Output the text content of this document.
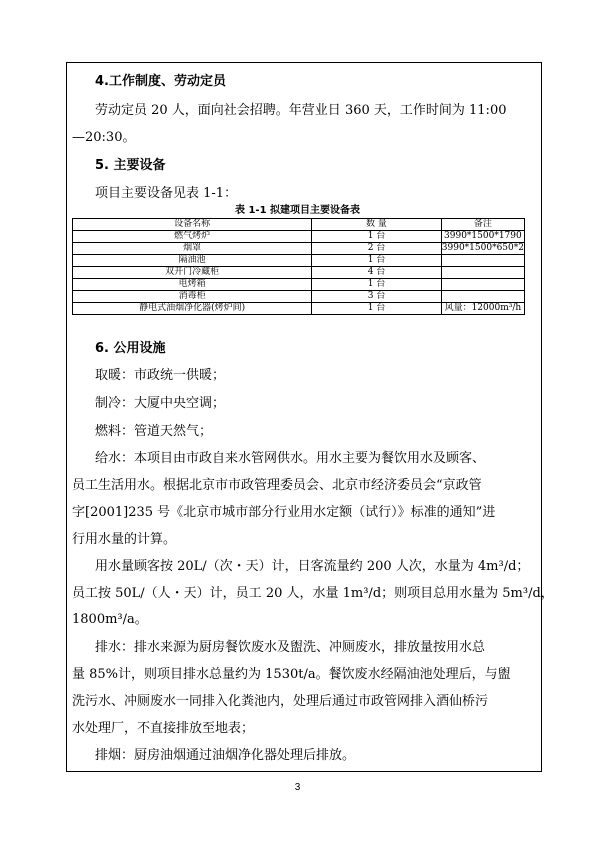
4.工作制度、劳动定员
劳动定员 20 人，面向社会招聘。年营业日 360 天，工作时间为 11:00
—20:30。
5. 主要设备
项目主要设备见表 1-1：
表 1-1 拟建项目主要设备表
设备名称	数 量	备注
燃气烤炉	1 台	3990*1500*1790
烟罩	2 台	3990*1500*650*2
隔油池	1 台	
双开门冷藏柜	4 台	
电烤箱	1 台	
消毒柜	3 台	
静电式油烟净化器(烤炉间)	1 台	风量：12000m³/h
6. 公用设施
取暖：市政统一供暖；
制冷：大厦中央空调；
燃料：管道天然气；
给水：本项目由市政自来水管网供水。用水主要为餐饮用水及顾客、
员工生活用水。根据北京市市政管理委员会、北京市经济委员会“京政管
字[2001]235 号《北京市城市部分行业用水定额（试行）》标准的通知”进
行用水量的计算。
用水量顾客按 20L/（次・天）计，日客流量约 200 人次，水量为 4m³/d；
员工按 50L/（人・天）计，员工 20 人，水量 1m³/d；则项目总用水量为 5m³/d，
1800m³/a。
排水：排水来源为厨房餐饮废水及盥洗、冲厕废水，排放量按用水总
量 85%计，则项目排水总量约为 1530t/a。餐饮废水经隔油池处理后，与盥
洗污水、冲厕废水一同排入化粪池内，处理后通过市政管网排入酒仙桥污
水处理厂，不直接排放至地表；
排烟：厨房油烟通过油烟净化器处理后排放。
3
